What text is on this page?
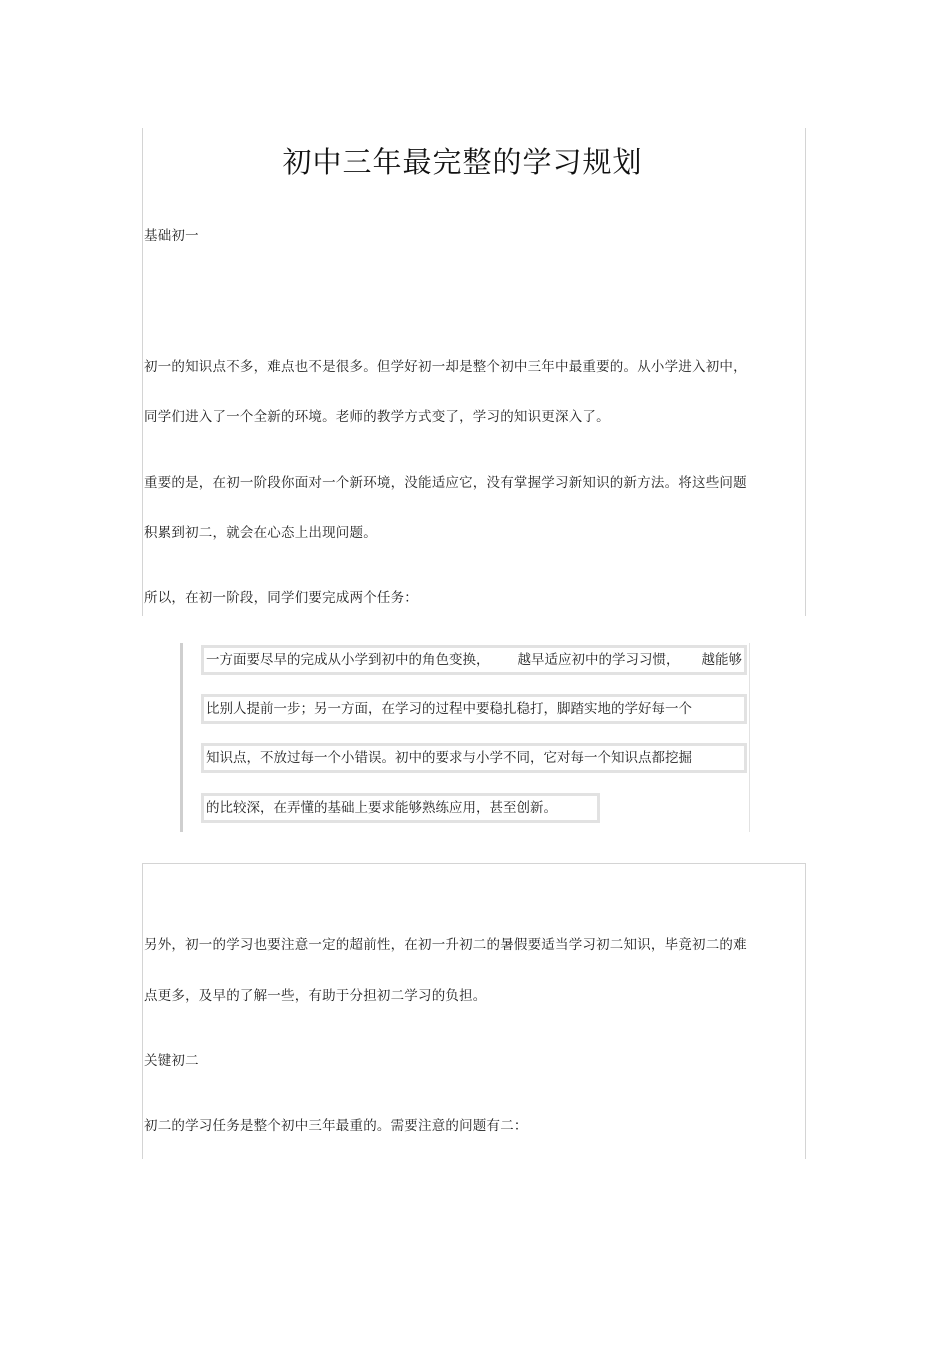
初中三年最完整的学习规划
基础初一
初一的知识点不多，难点也不是很多。但学好初一却是整个初中三年中最重要的。从小学进入初中，
同学们进入了一个全新的环境。老师的教学方式变了，学习的知识更深入了。
重要的是，在初一阶段你面对一个新环境，没能适应它，没有掌握学习新知识的新方法。将这些问题
积累到初二，就会在心态上出现问题。
所以，在初一阶段，同学们要完成两个任务：
一方面要尽早的完成从小学到初中的角色变换， 越早适应初中的学习习惯， 越能够
比别人提前一步；另一方面，在学习的过程中要稳扎稳打，脚踏实地的学好每一个
知识点，不放过每一个小错误。初中的要求与小学不同，它对每一个知识点都挖掘
的比较深，在弄懂的基础上要求能够熟练应用，甚至创新。
另外，初一的学习也要注意一定的超前性，在初一升初二的暑假要适当学习初二知识，毕竟初二的难
点更多，及早的了解一些，有助于分担初二学习的负担。
关键初二
初二的学习任务是整个初中三年最重的。需要注意的问题有二：
